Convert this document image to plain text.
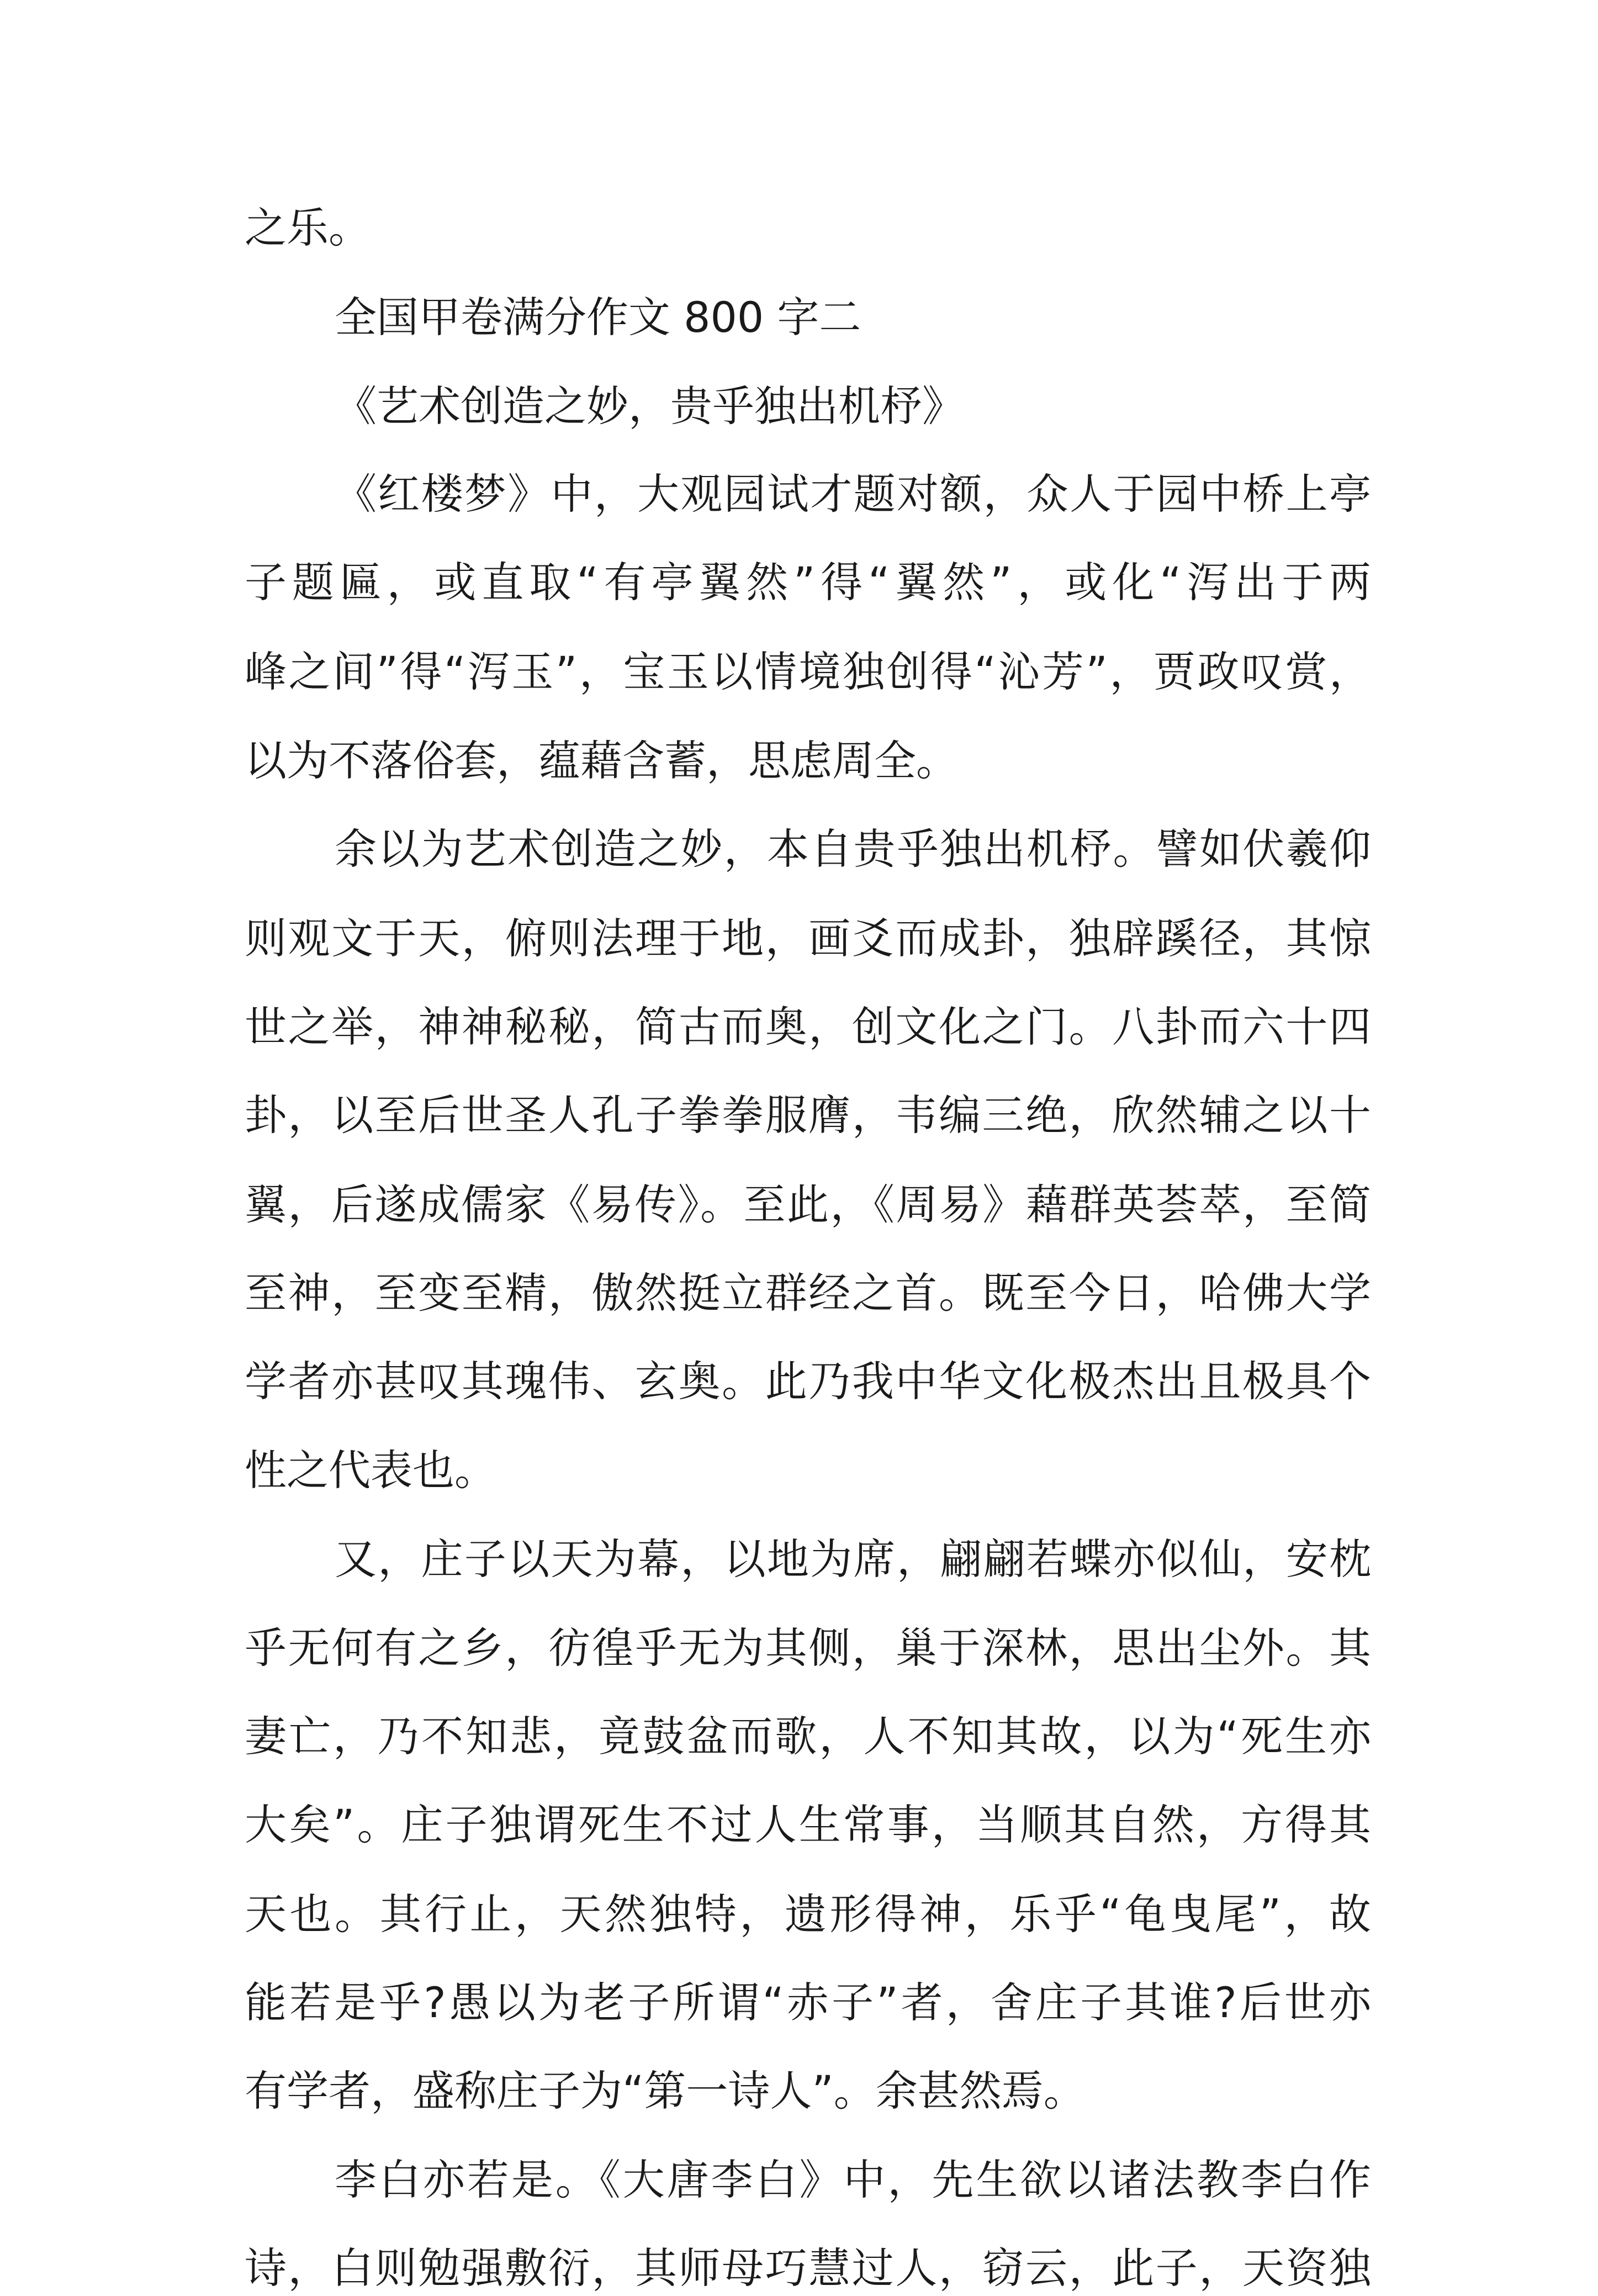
之乐。
全国甲卷满分作文 800 字二
《艺术创造之妙，贵乎独出机杼》
《红楼梦》中，大观园试才题对额，众人于园中桥上亭
子题匾，或直取“有亭翼然”得“翼然”，或化“泻出于两
峰之间”得“泻玉”，宝玉以情境独创得“沁芳”，贾政叹赏，
以为不落俗套，蕴藉含蓄，思虑周全。
余以为艺术创造之妙，本自贵乎独出机杼。譬如伏羲仰
则观文于天，俯则法理于地，画爻而成卦，独辟蹊径，其惊
世之举，神神秘秘，简古而奥，创文化之门。八卦而六十四
卦，以至后世圣人孔子拳拳服膺，韦编三绝，欣然辅之以十
翼，后遂成儒家《易传》。至此，《周易》藉群英荟萃，至简
至神，至变至精，傲然挺立群经之首。既至今日，哈佛大学
学者亦甚叹其瑰伟、玄奥。此乃我中华文化极杰出且极具个
性之代表也。
又，庄子以天为幕，以地为席，翩翩若蝶亦似仙，安枕
乎无何有之乡，彷徨乎无为其侧，巢于深林，思出尘外。其
妻亡，乃不知悲，竟鼓盆而歌，人不知其故，以为“死生亦
大矣”。庄子独谓死生不过人生常事，当顺其自然，方得其
天也。其行止，天然独特，遗形得神，乐乎“龟曳尾”，故
能若是乎?愚以为老子所谓“赤子”者，舍庄子其谁?后世亦
有学者，盛称庄子为“第一诗人”。余甚然焉。
李白亦若是。《大唐李白》中，先生欲以诸法教李白作
诗，白则勉强敷衍，其师母巧慧过人，窃云，此子，天资独
